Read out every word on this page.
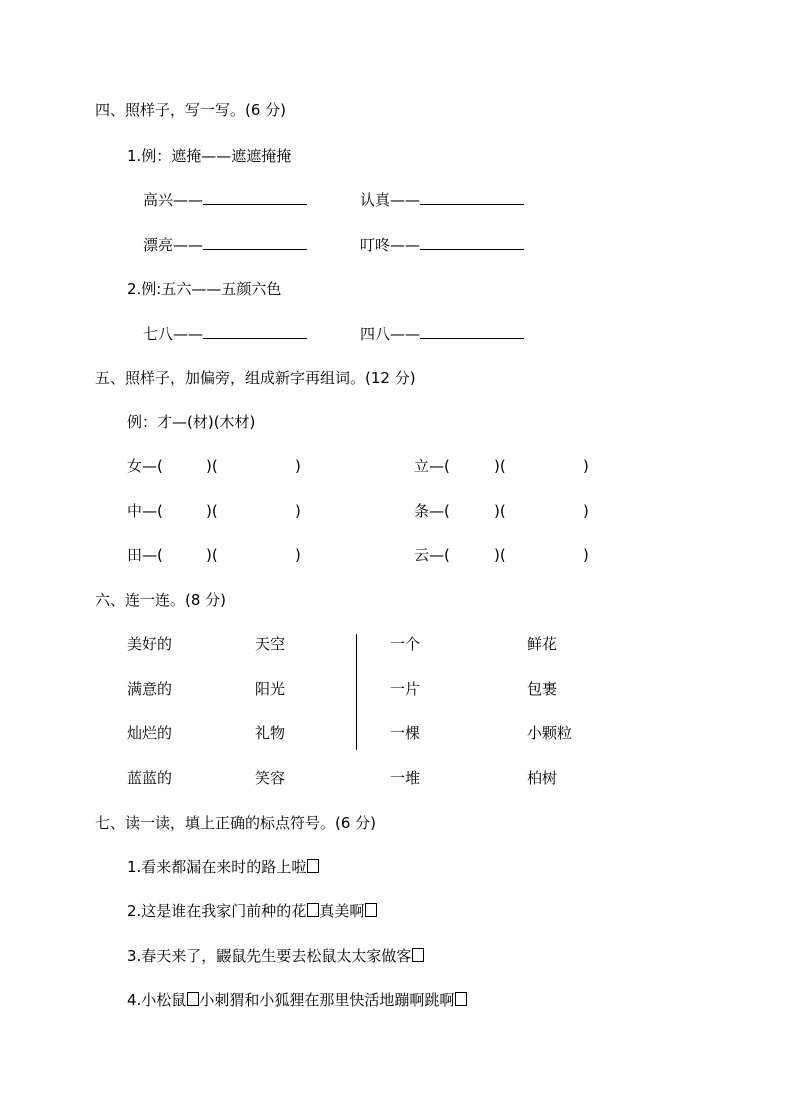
四、照样子，写一写。(6 分)
1.例：遮掩——遮遮掩掩
高兴——	认真——
漂亮——	叮咚——
2.例:五六——五颜六色
七八——	四八——
五、照样子，加偏旁，组成新字再组词。(12 分)
例：才—(材)(木材)
女—(	)(	)	立—(	)(	)
中—(	)(	)	条—(	)(	)
田—(	)(	)	云—(	)(	)
六、连一连。(8 分)
美好的	天空	一个	鲜花
满意的	阳光	一片	包裹
灿烂的	礼物	一棵	小颗粒
蓝蓝的	笑容	一堆	柏树
七、读一读，填上正确的标点符号。(6 分)
1.看来都漏在来时的路上啦
2.这是谁在我家门前种的花 真美啊
3.春天来了，鼹鼠先生要去松鼠太太家做客
4.小松鼠 小刺猬和小狐狸在那里快活地蹦啊跳啊
